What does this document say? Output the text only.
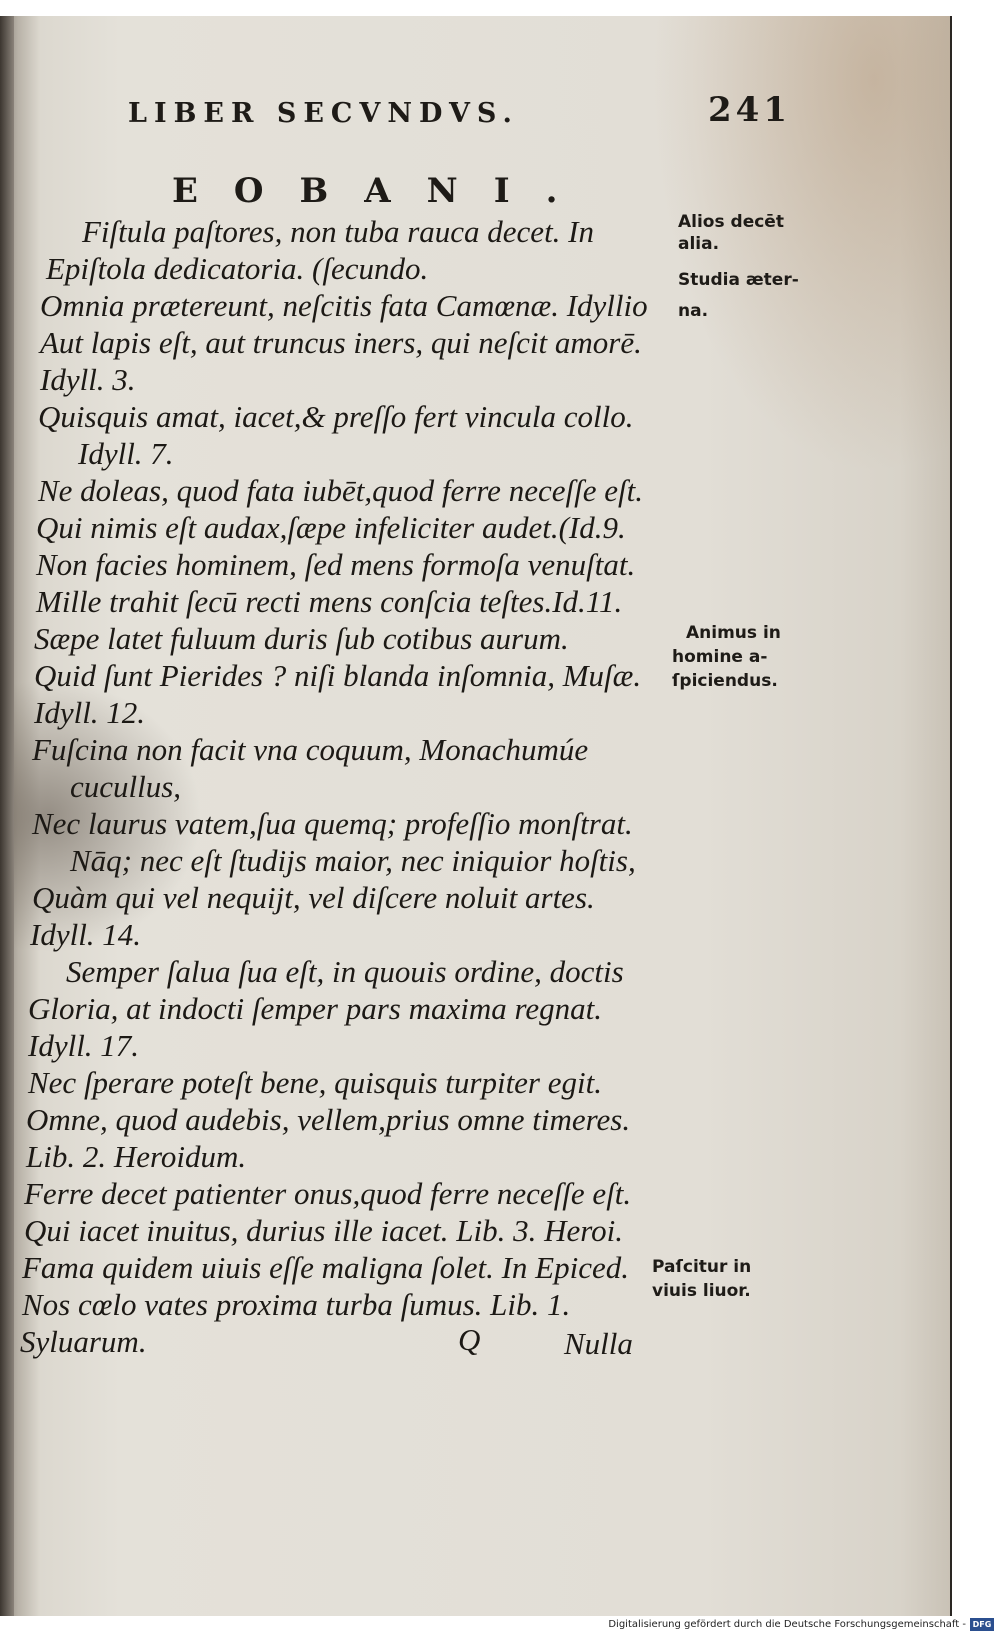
LIBER SECVNDVS.	241
EOBANI.
Fiſtula paſtores, non tuba rauca decet. In
Epiſtola dedicatoria. (ſecundo.
Omnia prætereunt, neſcitis fata Camœnæ. Idyllio
Aut lapis eſt, aut truncus iners, qui neſcit amorē.
Idyll. 3.
Quisquis amat, iacet,& preſſo fert vincula collo.
Idyll. 7.
Ne doleas, quod fata iubēt,quod ferre neceſſe eſt.
Qui nimis eſt audax,ſæpe infeliciter audet.(Id.9.
Non facies hominem, ſed mens formoſa venuſtat.
Mille trahit ſecū recti mens conſcia teſtes.Id.11.
Sæpe latet fuluum duris ſub cotibus aurum.
Quid ſunt Pierides ? niſi blanda inſomnia, Muſæ.
Idyll. 12.
Fuſcina non facit vna coquum, Monachumúe
cucullus,
Nec laurus vatem,ſua quemq; profeſſio monſtrat.
Nāq; nec eſt ſtudijs maior, nec iniquior hoſtis,
Quàm qui vel nequijt, vel diſcere noluit artes.
Idyll. 14.
Semper ſalua ſua eſt, in quouis ordine, doctis
Gloria, at indocti ſemper pars maxima regnat.
Idyll. 17.
Nec ſperare poteſt bene, quisquis turpiter egit.
Omne, quod audebis, vellem,prius omne timeres.
Lib. 2. Heroidum.
Ferre decet patienter onus,quod ferre neceſſe eſt.
Qui iacet inuitus, durius ille iacet. Lib. 3. Heroi.
Fama quidem uiuis eſſe maligna ſolet. In Epiced.
Nos cœlo vates proxima turba ſumus. Lib. 1.
Syluarum.	Q	Nulla
Alios decēt
alia.
Studia æter-
na.
Animus in
homine a-
ſpiciendus.
Paſcitur in
viuis liuor.
Digitalisierung gefördert durch die Deutsche Forschungsgemeinschaft - DFG
